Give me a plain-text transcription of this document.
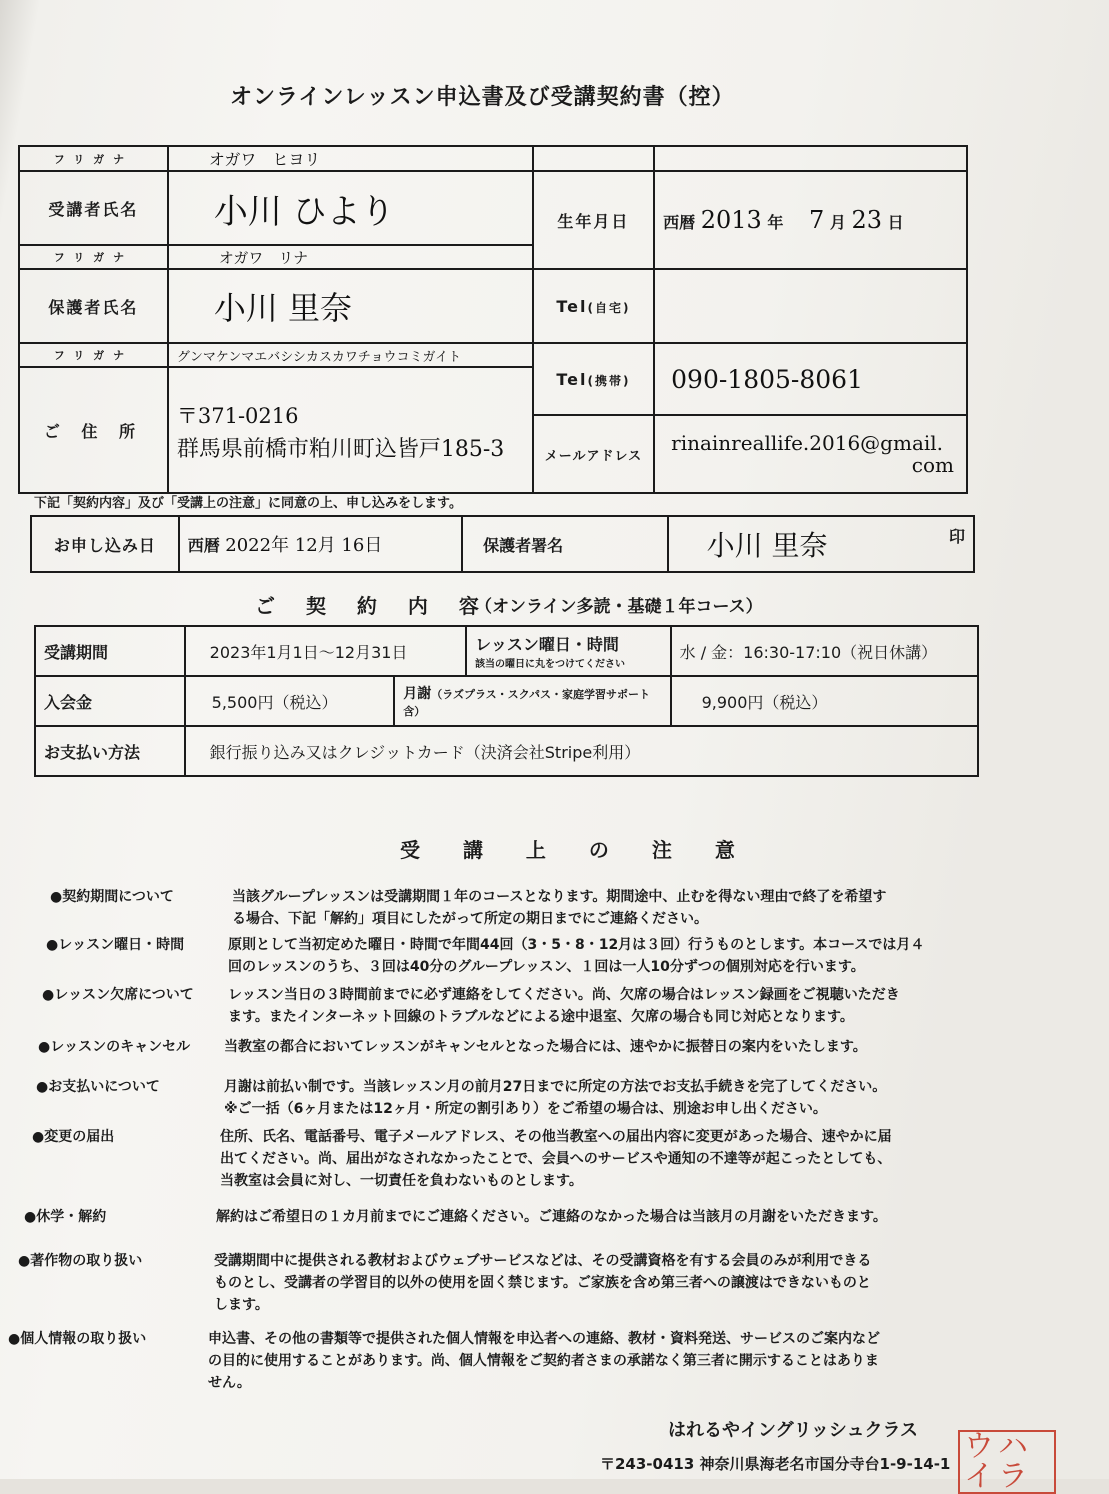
オンラインレッスン申込書及び受講契約書（控）
フリガナ	オガワ　ヒヨリ		
受講者氏名	小川 ひより	生年月日	西暦 2013 年 7 月 23 日
フリガナ	オガワ　リナ		
保護者氏名	小川 里奈	Tel(自宅)	
フリガナ	グンマケンマエバシシカスカワチョウコミガイト	Tel(携帯)	090-1805-8061
ご 住 所	〒371-0216
群馬県前橋市粕川町込皆戸185-3		

		メールアドレス	rinainreallife.2016@gmail.
com
下記「契約内容」及び「受講上の注意」に同意の上、申し込みをします。
お申し込み日	西暦 2022年 12月 16日	保護者署名	小川 里奈	印
ご 契 約 内 容
（オンライン多読・基礎１年コース）
受講期間	2023年1月1日〜12月31日		レッスン曜日・時間
該当の曜日に丸をつけてください	水 / 金：16:30-17:10（祝日休講）
入会金	5,500円（税込）	月謝（ラズプラス・スクパス・家庭学習サポート含）		9,900円（税込）
お支払い方法	銀行振り込み又はクレジットカード（決済会社Stripe利用）			
受 講 上 の 注 意
●契約期間について	当該グループレッスンは受講期間１年のコースとなります。期間途中、止むを得ない理由で終了を希望す
る場合、下記「解約」項目にしたがって所定の期日までにご連絡ください。
●レッスン曜日・時間	原則として当初定めた曜日・時間で年間44回（3・5・8・12月は３回）行うものとします。本コースでは月４
回のレッスンのうち、３回は40分のグループレッスン、１回は一人10分ずつの個別対応を行います。
●レッスン欠席について	レッスン当日の３時間前までに必ず連絡をしてください。尚、欠席の場合はレッスン録画をご視聴いただき
ます。またインターネット回線のトラブルなどによる途中退室、欠席の場合も同じ対応となります。
●レッスンのキャンセル	当教室の都合においてレッスンがキャンセルとなった場合には、速やかに振替日の案内をいたします。
●お支払いについて	月謝は前払い制です。当該レッスン月の前月27日までに所定の方法でお支払手続きを完了してください。
※ご一括（6ヶ月または12ヶ月・所定の割引あり）をご希望の場合は、別途お申し出ください。
●変更の届出	住所、氏名、電話番号、電子メールアドレス、その他当教室への届出内容に変更があった場合、速やかに届
出てください。尚、届出がなされなかったことで、会員へのサービスや通知の不達等が起こったとしても、
当教室は会員に対し、一切責任を負わないものとします。
●休学・解約	解約はご希望日の１カ月前までにご連絡ください。ご連絡のなかった場合は当該月の月謝をいただきます。
●著作物の取り扱い	受講期間中に提供される教材およびウェブサービスなどは、その受講資格を有する会員のみが利用できる
ものとし、受講者の学習目的以外の使用を固く禁じます。ご家族を含め第三者への譲渡はできないものと
します。
●個人情報の取り扱い	申込書、その他の書類等で提供された個人情報を申込者への連絡、教材・資料発送、サービスのご案内など
の目的に使用することがあります。尚、個人情報をご契約者さまの承諾なく第三者に開示することはありま
せん。
はれるやイングリッシュクラス
〒243-0413 神奈川県海老名市国分寺台1-9-14-1 ウハイラ
